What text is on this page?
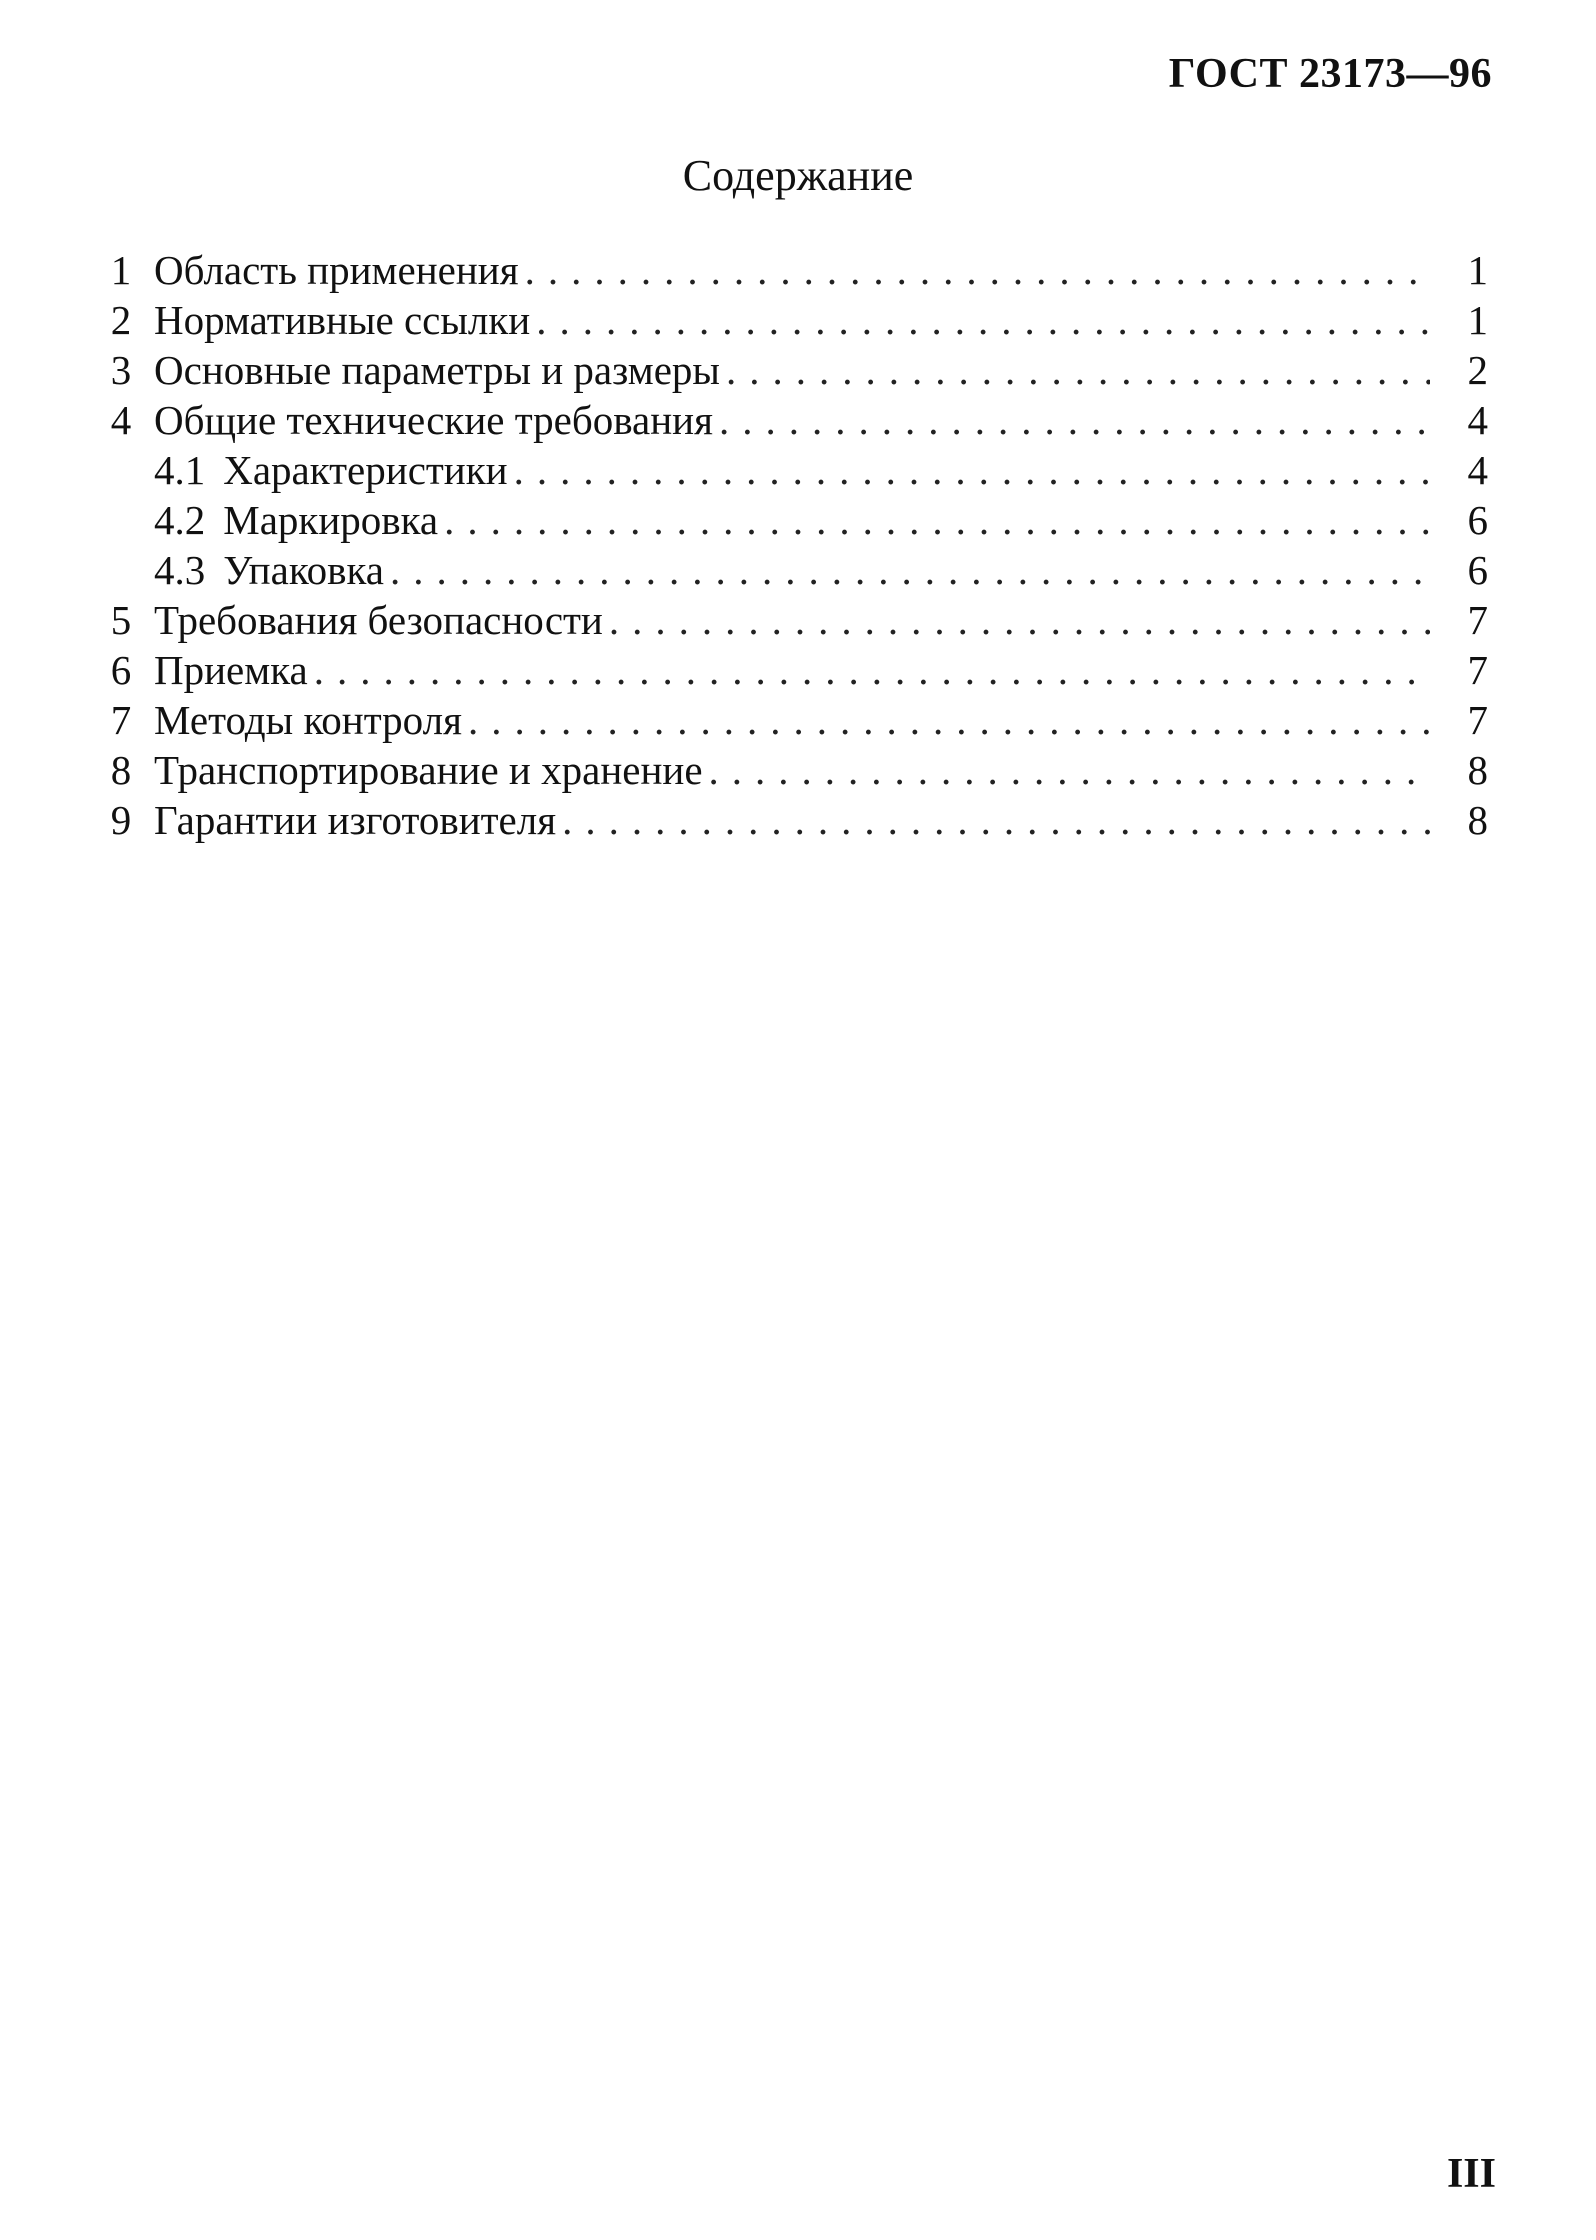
ГОСТ 23173—96
Содержание
1 Область применения .....	1
2 Нормативные ссылки .....	1
3 Основные параметры и размеры .....	2
4 Общие технические требования .....	4
4.1 Характеристики .....	4
4.2 Маркировка .....	6
4.3 Упаковка .....	6
5 Требования безопасности .....	7
6 Приемка .....	7
7 Методы контроля .....	7
8 Транспортирование и хранение .....	8
9 Гарантии изготовителя .....	8
III
